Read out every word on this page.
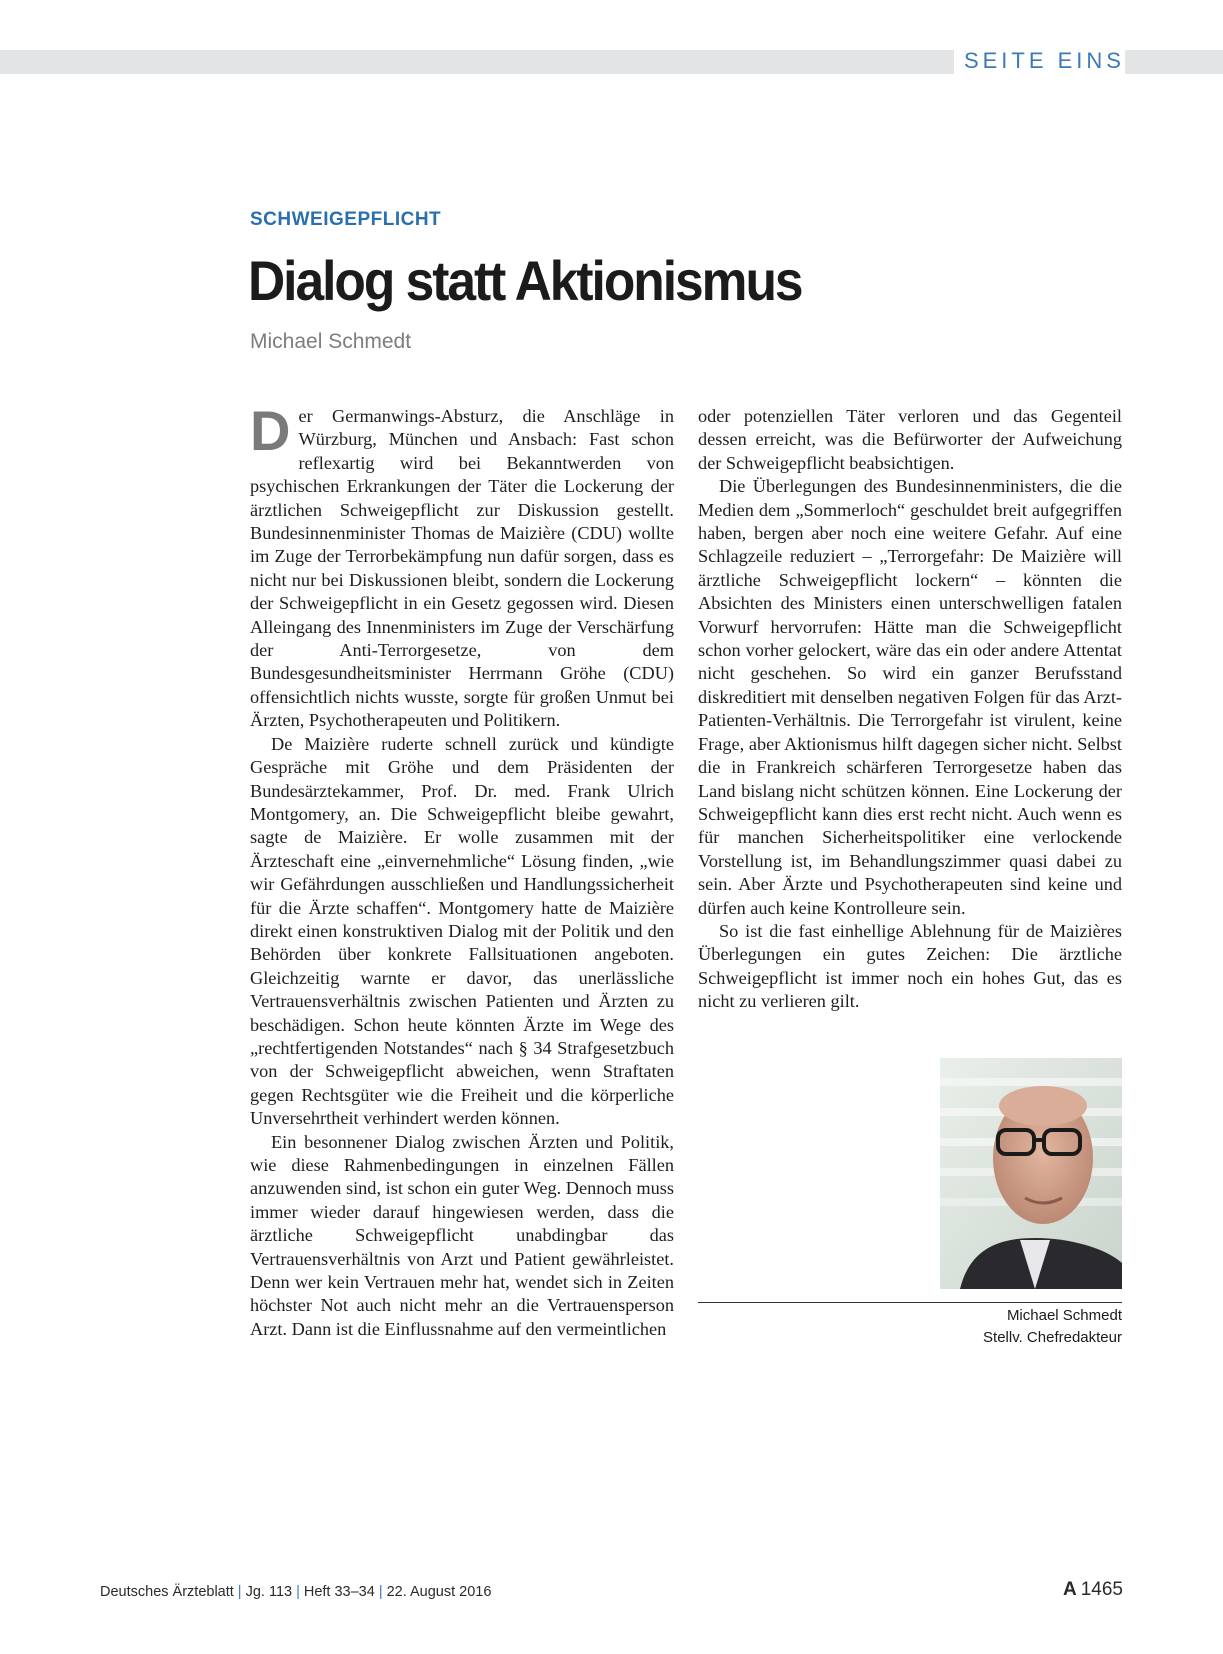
SEITE EINS
SCHWEIGEPFLICHT
Dialog statt Aktionismus
Michael Schmedt

Der Germanwings-Absturz, die Anschläge in Würzburg, München und Ansbach: Fast schon reflexartig wird bei Bekanntwerden von psychischen Erkrankungen der Täter die Lockerung der ärztlichen Schweigepflicht zur Diskussion gestellt. Bundesinnenminister Thomas de Maizière (CDU) wollte im Zuge der Terrorbekämpfung nun dafür sorgen, dass es nicht nur bei Diskussionen bleibt, sondern die Lockerung der Schweigepflicht in ein Gesetz gegossen wird. Diesen Alleingang des Innenministers im Zuge der Verschärfung der Anti-Terrorgesetze, von dem Bundesgesundheitsminister Herrmann Gröhe (CDU) offensichtlich nichts wusste, sorgte für großen Unmut bei Ärzten, Psychotherapeuten und Politikern.

De Maizière ruderte schnell zurück und kündigte Gespräche mit Gröhe und dem Präsidenten der Bundesärztekammer, Prof. Dr. med. Frank Ulrich Montgomery, an. Die Schweigepflicht bleibe gewahrt, sagte de Maizière. Er wolle zusammen mit der Ärzteschaft eine „einvernehmliche“ Lösung finden, „wie wir Gefährdungen ausschließen und Handlungssicherheit für die Ärzte schaffen“. Montgomery hatte de Maizière direkt einen konstruktiven Dialog mit der Politik und den Behörden über konkrete Fallsituationen angeboten. Gleichzeitig warnte er davor, das unerlässliche Vertrauensverhältnis zwischen Patienten und Ärzten zu beschädigen. Schon heute könnten Ärzte im Wege des „rechtfertigenden Notstandes“ nach § 34 Strafgesetzbuch von der Schweigepflicht abweichen, wenn Straftaten gegen Rechtsgüter wie die Freiheit und die körperliche Unversehrtheit verhindert werden können.

Ein besonnener Dialog zwischen Ärzten und Politik, wie diese Rahmenbedingungen in einzelnen Fällen anzuwenden sind, ist schon ein guter Weg. Dennoch muss immer wieder darauf hingewiesen werden, dass die ärztliche Schweigepflicht unabdingbar das Vertrauensverhältnis von Arzt und Patient gewährleistet. Denn wer kein Vertrauen mehr hat, wendet sich in Zeiten höchster Not auch nicht mehr an die Vertrauensperson Arzt. Dann ist die Einflussnahme auf den vermeintlichen

oder potenziellen Täter verloren und das Gegenteil dessen erreicht, was die Befürworter der Aufweichung der Schweigepflicht beabsichtigen.

Die Überlegungen des Bundesinnenministers, die die Medien dem „Sommerloch“ geschuldet breit aufgegriffen haben, bergen aber noch eine weitere Gefahr. Auf eine Schlagzeile reduziert – „Terrorgefahr: De Maizière will ärztliche Schweigepflicht lockern“ – könnten die Absichten des Ministers einen unterschwelligen fatalen Vorwurf hervorrufen: Hätte man die Schweigepflicht schon vorher gelockert, wäre das ein oder andere Attentat nicht geschehen. So wird ein ganzer Berufsstand diskreditiert mit denselben negativen Folgen für das Arzt-Patienten-Verhältnis. Die Terrorgefahr ist virulent, keine Frage, aber Aktionismus hilft dagegen sicher nicht. Selbst die in Frankreich schärferen Terrorgesetze haben das Land bislang nicht schützen können. Eine Lockerung der Schweigepflicht kann dies erst recht nicht. Auch wenn es für manchen Sicherheitspolitiker eine verlockende Vorstellung ist, im Behandlungszimmer quasi dabei zu sein. Aber Ärzte und Psychotherapeuten sind keine und dürfen auch keine Kontrolleure sein.

So ist die fast einhellige Ablehnung für de Maizières Überlegungen ein gutes Zeichen: Die ärztliche Schweigepflicht ist immer noch ein hohes Gut, das es nicht zu verlieren gilt.

Michael Schmedt
Stellv. Chefredakteur
Deutsches Ärzteblatt | Jg. 113 | Heft 33–34 | 22. August 2016	A 1465
